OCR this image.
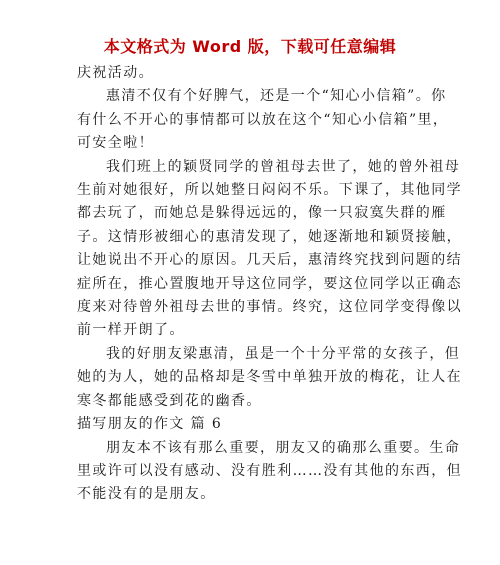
本文格式为 Word 版，下载可任意编辑

庆祝活动。

惠清不仅有个好脾气，还是一个“知心小信箱”。你
有什么不开心的事情都可以放在这个“知心小信箱”里，
可安全啦！

我们班上的颖贤同学的曾祖母去世了，她的曾外祖母
生前对她很好，所以她整日闷闷不乐。下课了，其他同学
都去玩了，而她总是躲得远远的，像一只寂寞失群的雁
子。这情形被细心的惠清发现了，她逐渐地和颖贤接触，
让她说出不开心的原因。几天后，惠清终究找到问题的结
症所在，推心置腹地开导这位同学，要这位同学以正确态
度来对待曾外祖母去世的事情。终究，这位同学变得像以
前一样开朗了。

我的好朋友梁惠清，虽是一个十分平常的女孩子，但
她的为人，她的品格却是冬雪中单独开放的梅花，让人在
寒冬都能感受到花的幽香。

描写朋友的作文 篇 6

朋友本不该有那么重要，朋友又的确那么重要。生命
里或许可以没有感动、没有胜利……没有其他的东西，但
不能没有的是朋友。
